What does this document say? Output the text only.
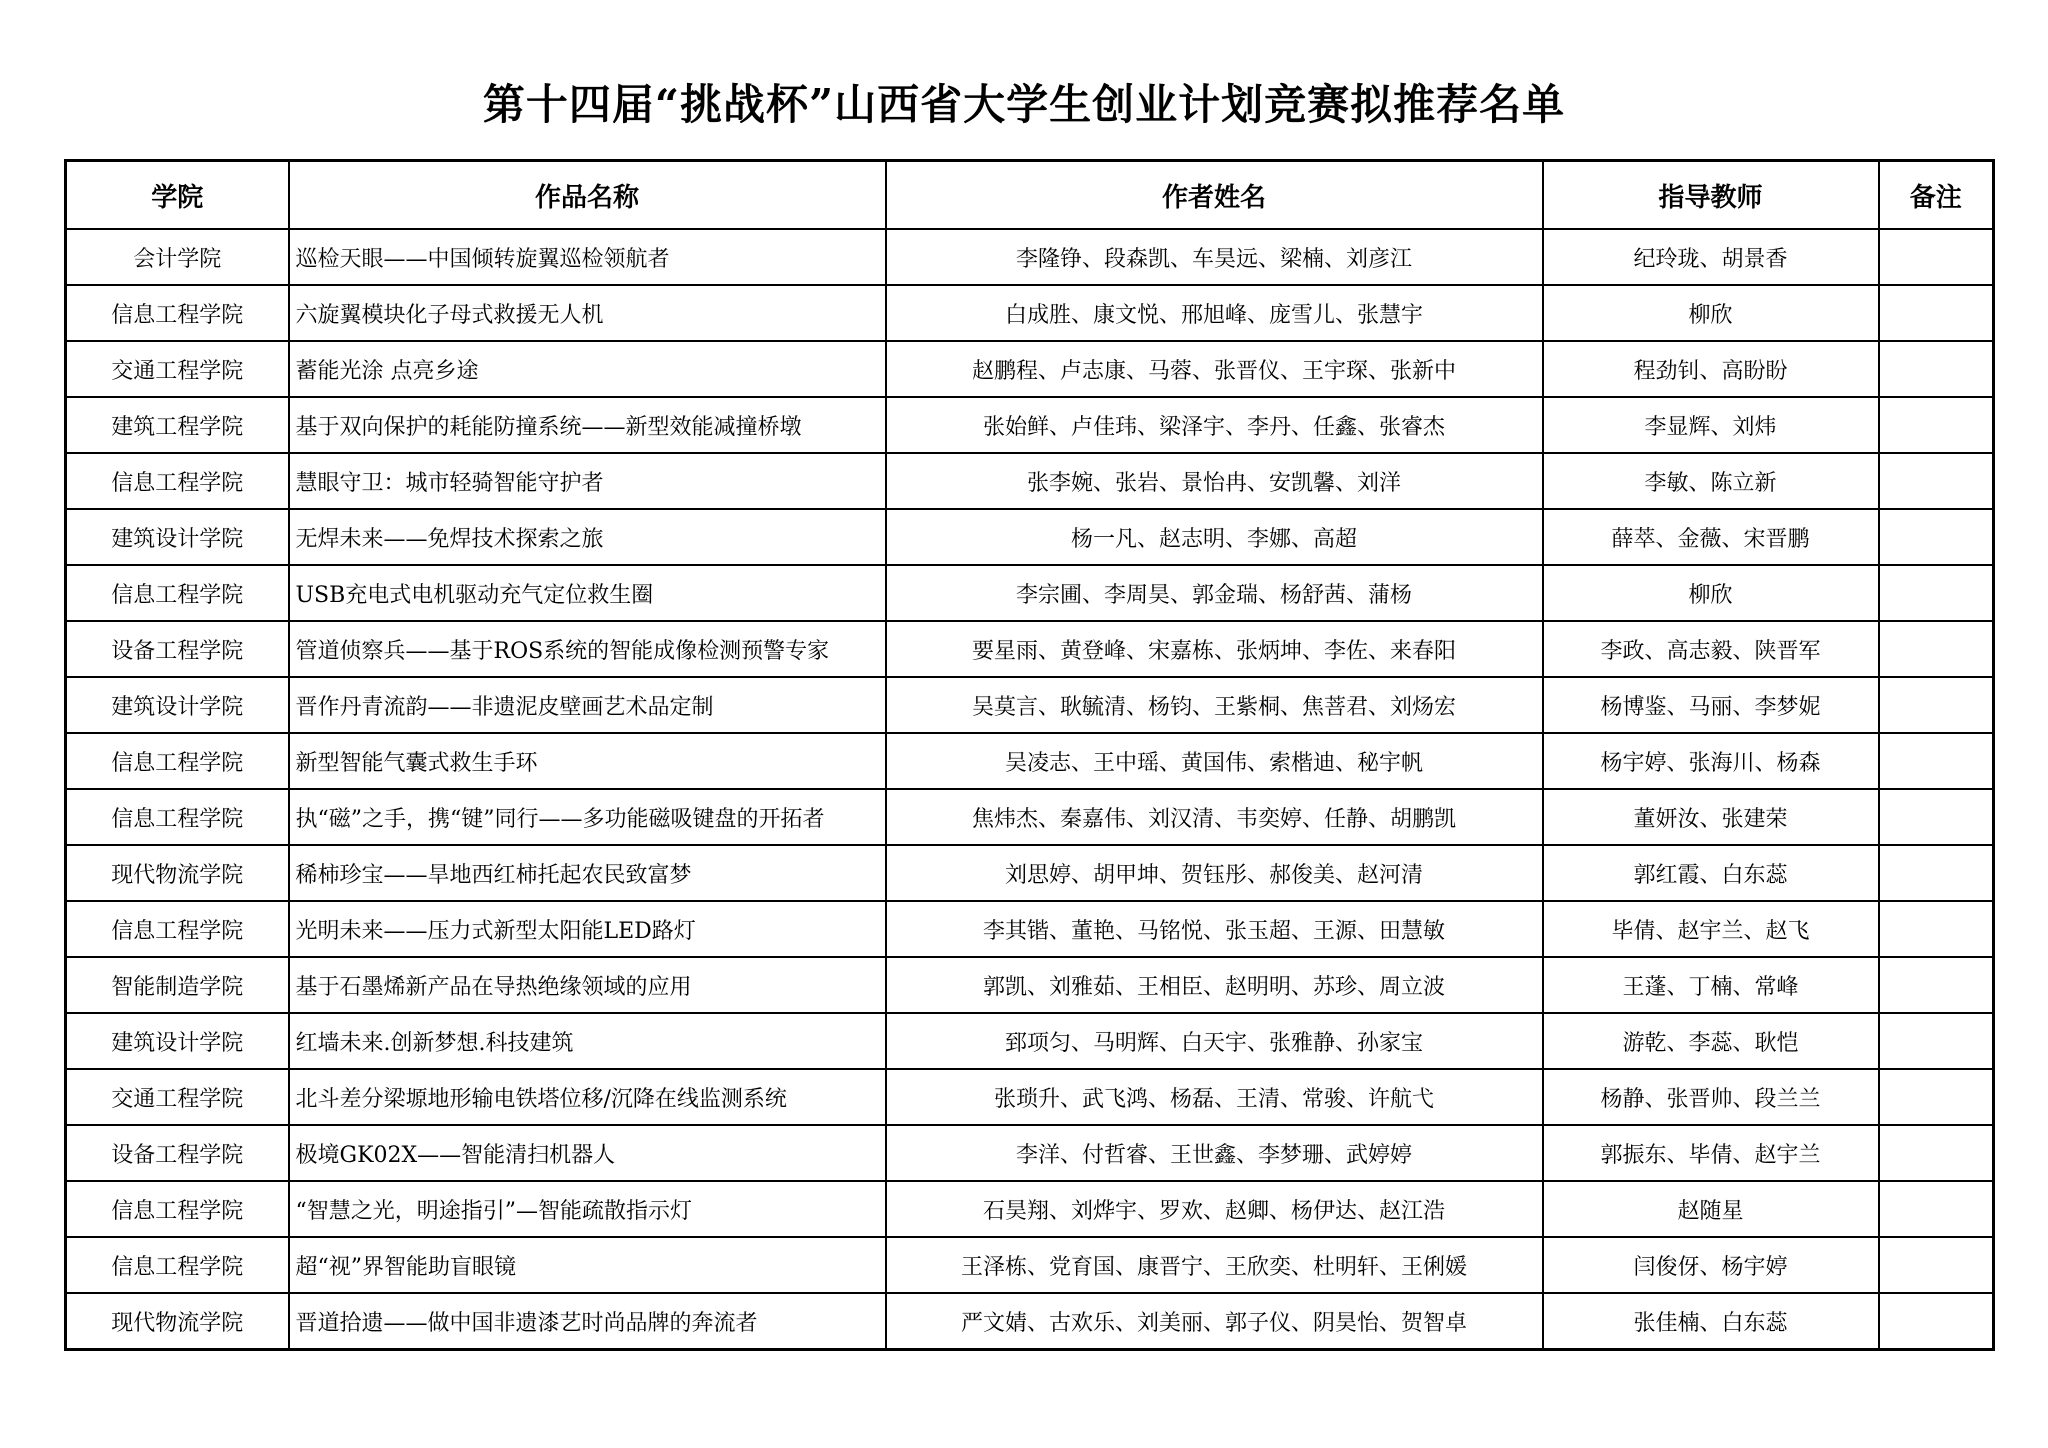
第十四届“挑战杯”山西省大学生创业计划竞赛拟推荐名单
学院	作品名称	作者姓名	指导教师	备注
会计学院	巡检天眼——中国倾转旋翼巡检领航者	李隆铮、段森凯、车昊远、梁楠、刘彦江	纪玲珑、胡景香	
信息工程学院	六旋翼模块化子母式救援无人机	白成胜、康文悦、邢旭峰、庞雪儿、张慧宇	柳欣	
交通工程学院	蓄能光涂 点亮乡途	赵鹏程、卢志康、马蓉、张晋仪、王宇琛、张新中	程劲钊、高盼盼	
建筑工程学院	基于双向保护的耗能防撞系统——新型效能减撞桥墩	张始鲜、卢佳玮、梁泽宇、李丹、任鑫、张睿杰	李显辉、刘炜	
信息工程学院	慧眼守卫：城市轻骑智能守护者	张李婉、张岩、景怡冉、安凯馨、刘洋	李敏、陈立新	
建筑设计学院	无焊未来——免焊技术探索之旅	杨一凡、赵志明、李娜、高超	薛萃、金薇、宋晋鹏	
信息工程学院	USB充电式电机驱动充气定位救生圈	李宗圃、李周昊、郭金瑞、杨舒茜、蒲杨	柳欣	
设备工程学院	管道侦察兵——基于ROS系统的智能成像检测预警专家	要星雨、黄登峰、宋嘉栋、张炳坤、李佐、来春阳	李政、高志毅、陕晋军	
建筑设计学院	晋作丹青流韵——非遗泥皮壁画艺术品定制	吴莫言、耿毓清、杨钧、王紫桐、焦菩君、刘炀宏	杨博鉴、马丽、李梦妮	
信息工程学院	新型智能气囊式救生手环	吴凌志、王中瑶、黄国伟、索楷迪、秘宇帆	杨宇婷、张海川、杨森	
信息工程学院	执“磁”之手，携“键”同行——多功能磁吸键盘的开拓者	焦炜杰、秦嘉伟、刘汉清、韦奕婷、任静、胡鹏凯	董妍汝、张建荣	
现代物流学院	稀柿珍宝——旱地西红柿托起农民致富梦	刘思婷、胡甲坤、贺钰彤、郝俊美、赵河清	郭红霞、白东蕊	
信息工程学院	光明未来——压力式新型太阳能LED路灯	李其锴、董艳、马铭悦、张玉超、王源、田慧敏	毕倩、赵宇兰、赵飞	
智能制造学院	基于石墨烯新产品在导热绝缘领域的应用	郭凯、刘雅茹、王相臣、赵明明、苏珍、周立波	王蓬、丁楠、常峰	
建筑设计学院	红墙未来.创新梦想.科技建筑	郅项匀、马明辉、白天宇、张雅静、孙家宝	游乾、李蕊、耿恺	
交通工程学院	北斗差分梁塬地形输电铁塔位移/沉降在线监测系统	张琐升、武飞鸿、杨磊、王清、常骏、许航弋	杨静、张晋帅、段兰兰	
设备工程学院	极境GK02X——智能清扫机器人	李洋、付哲睿、王世鑫、李梦珊、武婷婷	郭振东、毕倩、赵宇兰	
信息工程学院	“智慧之光，明途指引”—智能疏散指示灯	石昊翔、刘烨宇、罗欢、赵卿、杨伊达、赵江浩	赵随星	
信息工程学院	超“视”界智能助盲眼镜	王泽栋、党育国、康晋宁、王欣奕、杜明轩、王俐媛	闫俊伢、杨宇婷	
现代物流学院	晋道拾遗——做中国非遗漆艺时尚品牌的奔流者	严文婧、古欢乐、刘美丽、郭子仪、阴昊怡、贺智卓	张佳楠、白东蕊	
